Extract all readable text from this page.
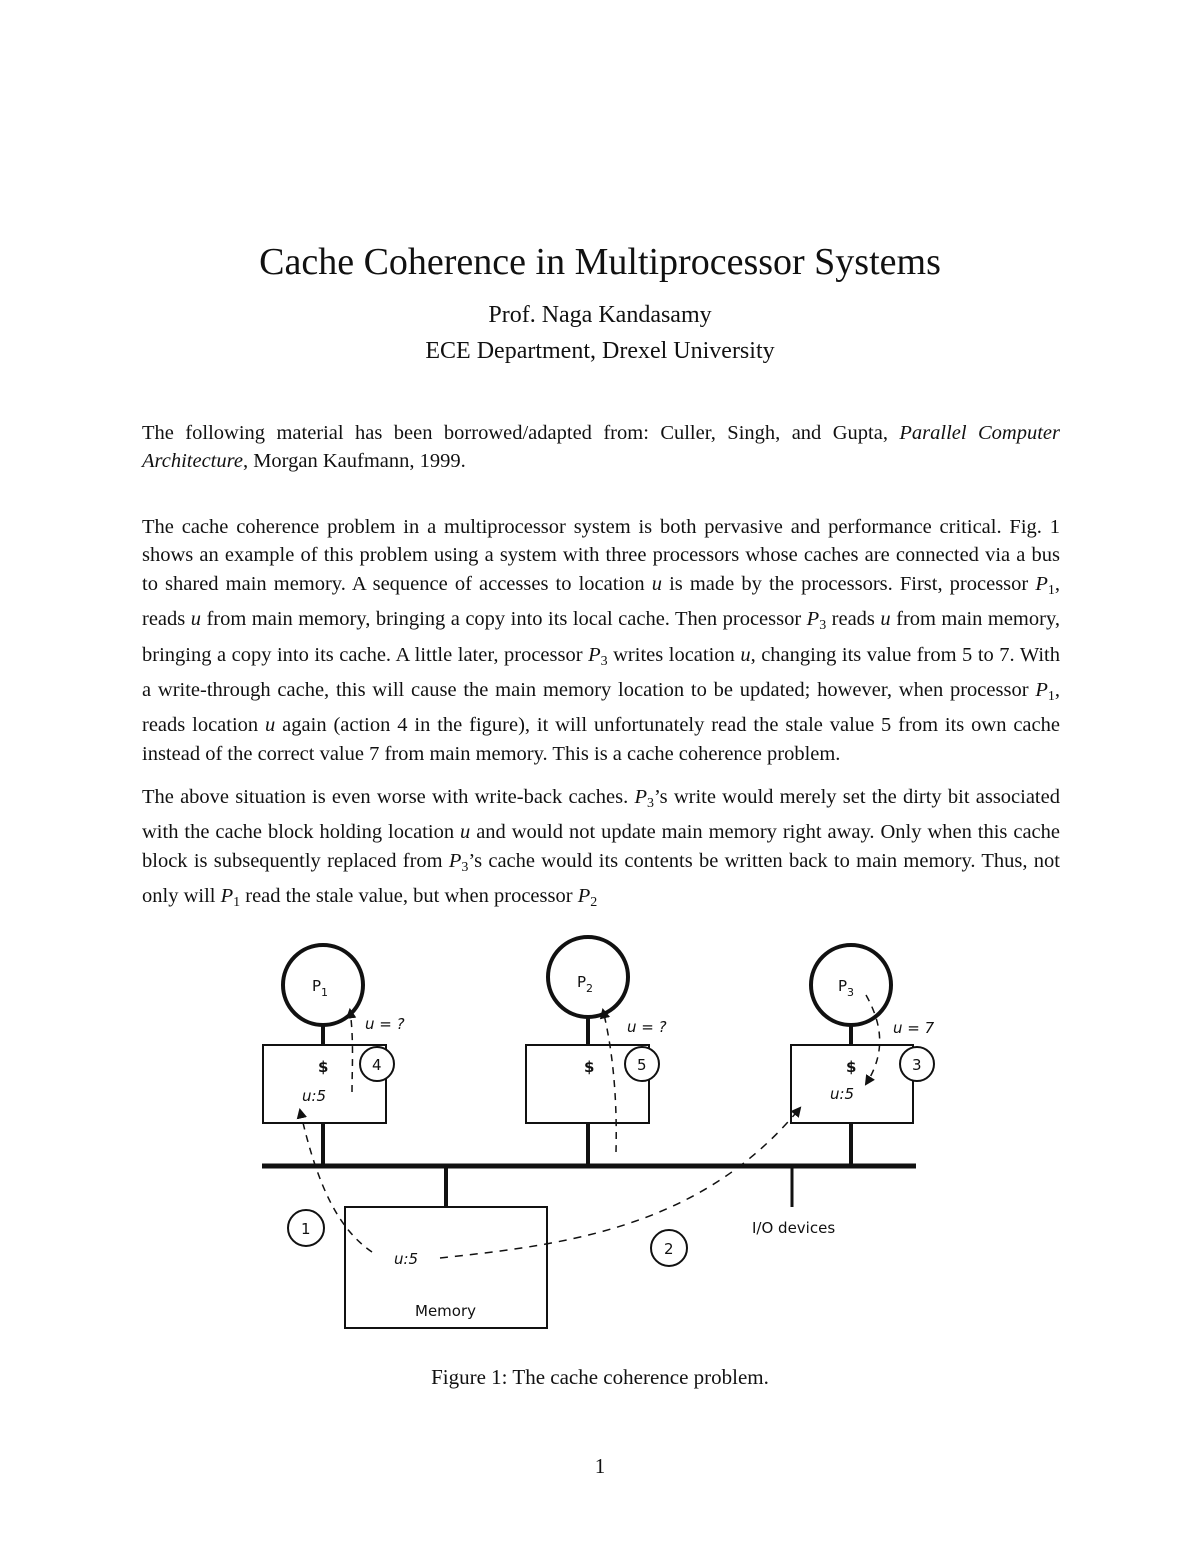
Cache Coherence in Multiprocessor Systems
Prof. Naga Kandasamy
ECE Department, Drexel University

The following material has been borrowed/adapted from: Culler, Singh, and Gupta, Parallel Computer Architecture, Morgan Kaufmann, 1999.

The cache coherence problem in a multiprocessor system is both pervasive and performance critical. Fig. 1 shows an example of this problem using a system with three processors whose caches are connected via a bus to shared main memory. A sequence of accesses to location u is made by the processors. First, processor $P_1$, reads u from main memory, bringing a copy into its local cache. Then processor $P_3$ reads u from main memory, bringing a copy into its cache. A little later, processor $P_3$ writes location u, changing its value from 5 to 7. With a write-through cache, this will cause the main memory location to be updated; however, when processor $P_1$, reads location u again (action 4 in the figure), it will unfortunately read the stale value 5 from its own cache instead of the correct value 7 from main memory. This is a cache coherence problem.

The above situation is even worse with write-back caches. $P_3’s$ write would merely set the dirty bit associated with the cache block holding location u and would not update main memory right away. Only when this cache block is subsequently replaced from $P_3’s$ cache would its contents be written back to main memory. Thus, not only will $P_1$ read the stale value, but when processor $P_2$

$P_1$
$
u:5
u = ?
4
$P_2$
$
u = ?
5
$P_3$
$
u:5
u = 7
3
u:5
Memory
I/O devices
1
2
Figure 1: The cache coherence problem.
1
